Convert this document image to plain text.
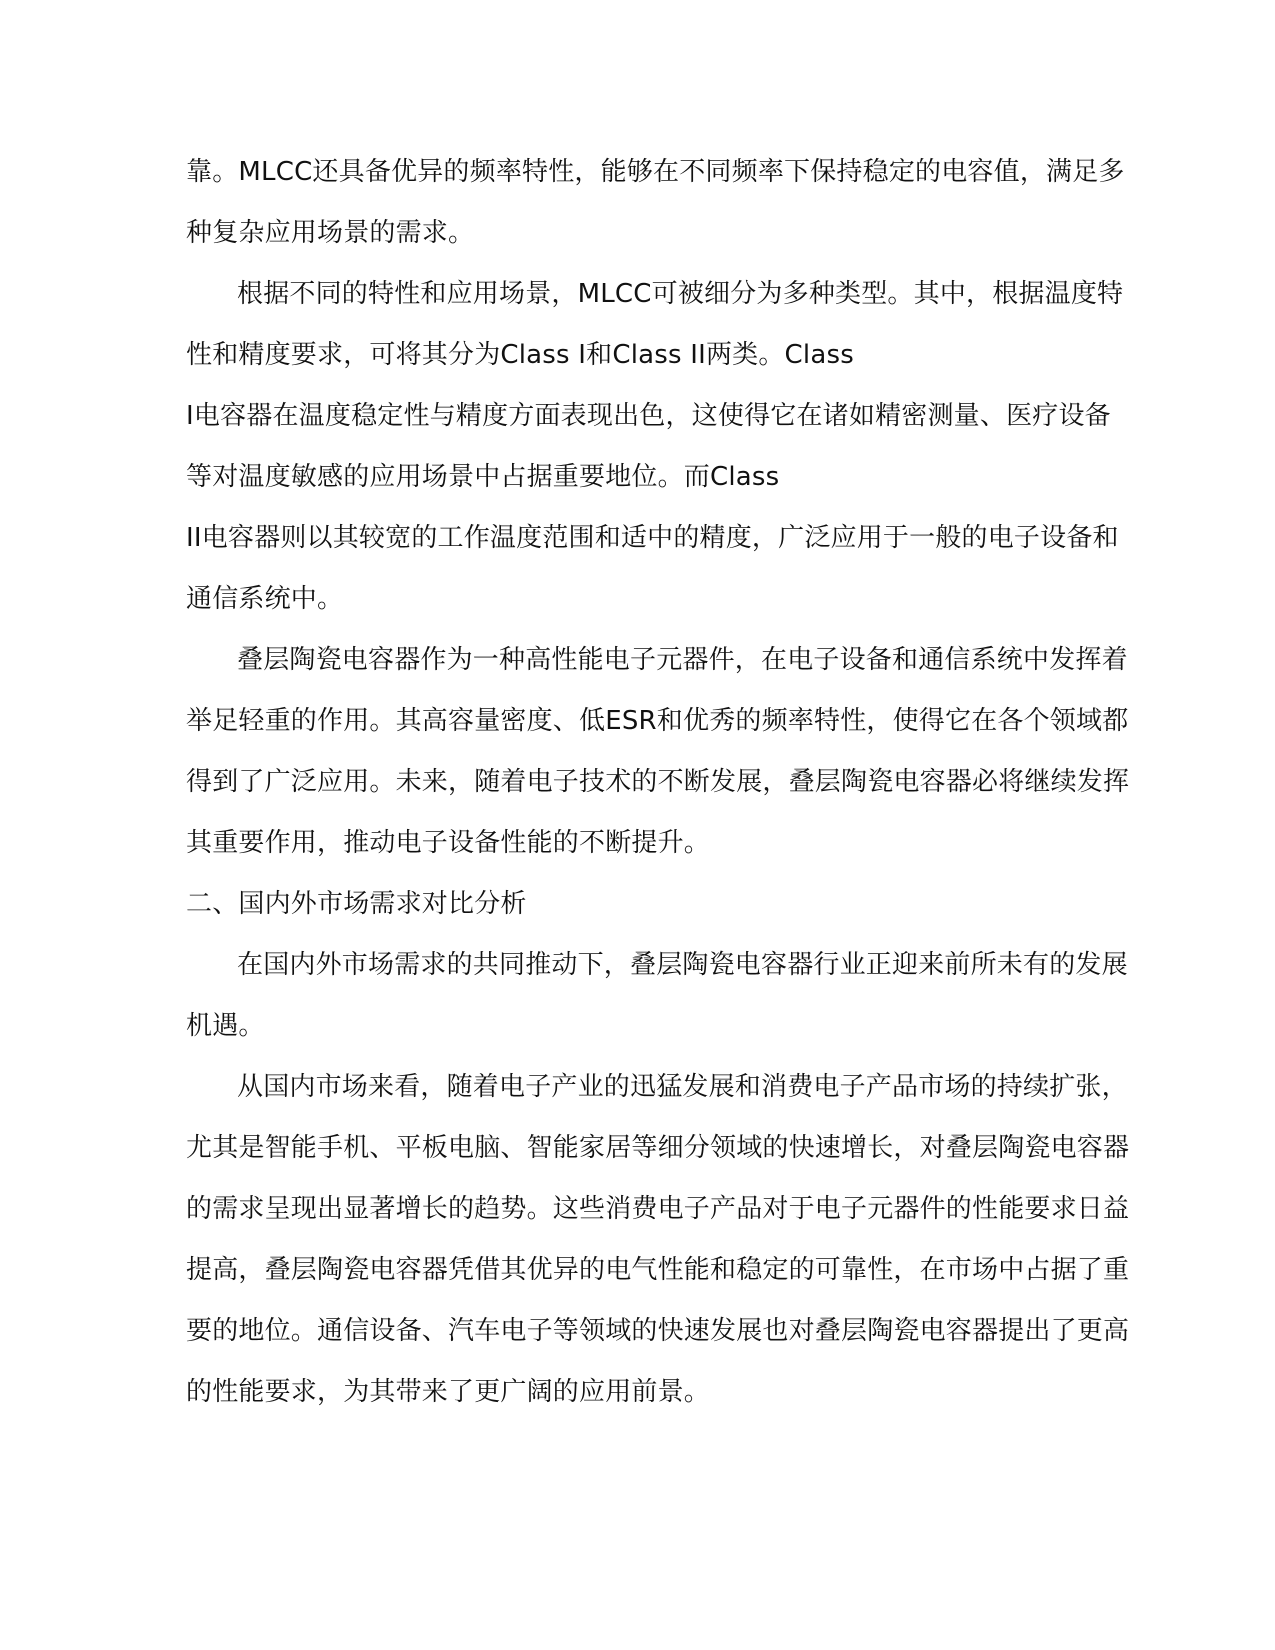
靠。MLCC还具备优异的频率特性，能够在不同频率下保持稳定的电容值，满足多
种复杂应用场景的需求。
根据不同的特性和应用场景，MLCC可被细分为多种类型。其中，根据温度特
性和精度要求，可将其分为Class I和Class II两类。Class
I电容器在温度稳定性与精度方面表现出色，这使得它在诸如精密测量、医疗设备
等对温度敏感的应用场景中占据重要地位。而Class
II电容器则以其较宽的工作温度范围和适中的精度，广泛应用于一般的电子设备和
通信系统中。
叠层陶瓷电容器作为一种高性能电子元器件，在电子设备和通信系统中发挥着
举足轻重的作用。其高容量密度、低ESR和优秀的频率特性，使得它在各个领域都
得到了广泛应用。未来，随着电子技术的不断发展，叠层陶瓷电容器必将继续发挥
其重要作用，推动电子设备性能的不断提升。
二、国内外市场需求对比分析
在国内外市场需求的共同推动下，叠层陶瓷电容器行业正迎来前所未有的发展
机遇。
从国内市场来看，随着电子产业的迅猛发展和消费电子产品市场的持续扩张，
尤其是智能手机、平板电脑、智能家居等细分领域的快速增长，对叠层陶瓷电容器
的需求呈现出显著增长的趋势。这些消费电子产品对于电子元器件的性能要求日益
提高，叠层陶瓷电容器凭借其优异的电气性能和稳定的可靠性，在市场中占据了重
要的地位。通信设备、汽车电子等领域的快速发展也对叠层陶瓷电容器提出了更高
的性能要求，为其带来了更广阔的应用前景。
